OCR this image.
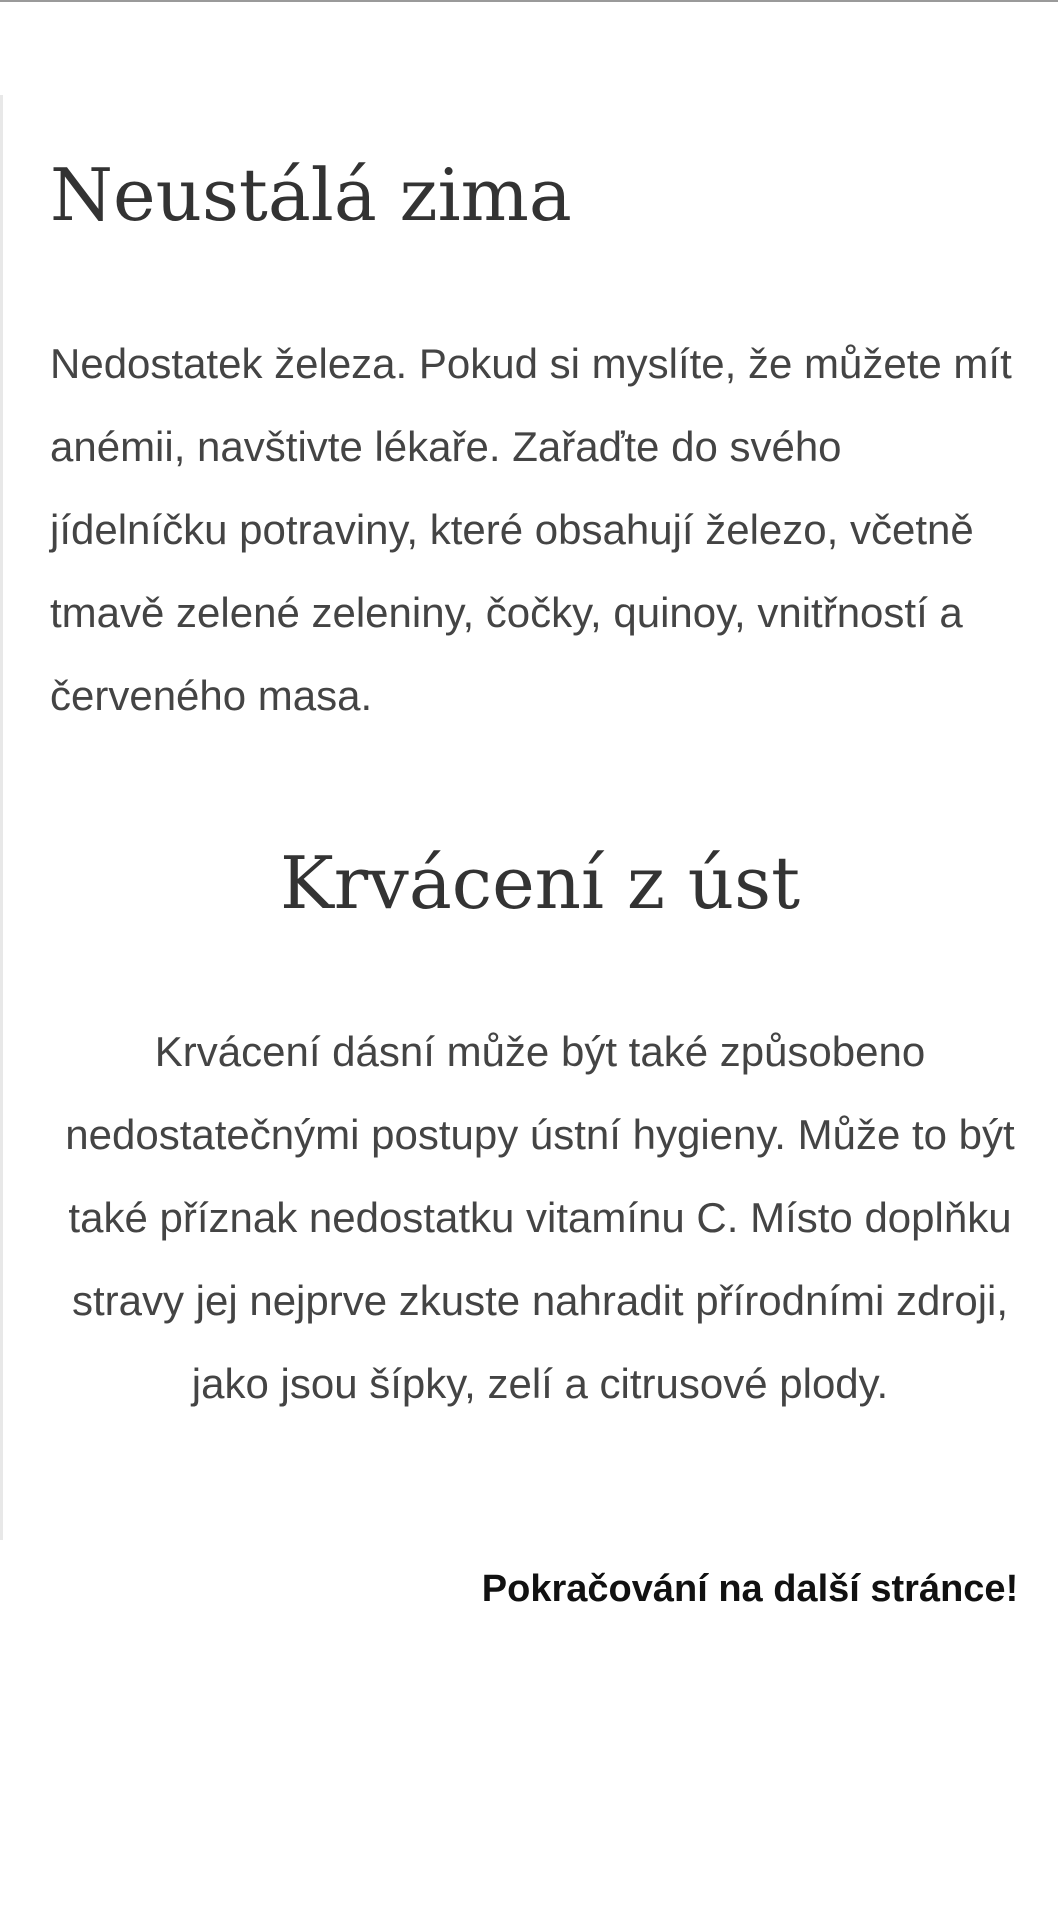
Neustálá zima

Nedostatek železa. Pokud si myslíte, že můžete mít anémii, navštivte lékaře. Zařaďte do svého jídelníčku potraviny, které obsahují železo, včetně tmavě zelené zeleniny, čočky, quinoy, vnitřností a červeného masa.

Krvácení z úst

Krvácení dásní může být také způsobeno nedostatečnými postupy ústní hygieny. Může to být také příznak nedostatku vitamínu C. Místo doplňku stravy jej nejprve zkuste nahradit přírodními zdroji, jako jsou šípky, zelí a citrusové plody.

Pokračování na další stránce!
